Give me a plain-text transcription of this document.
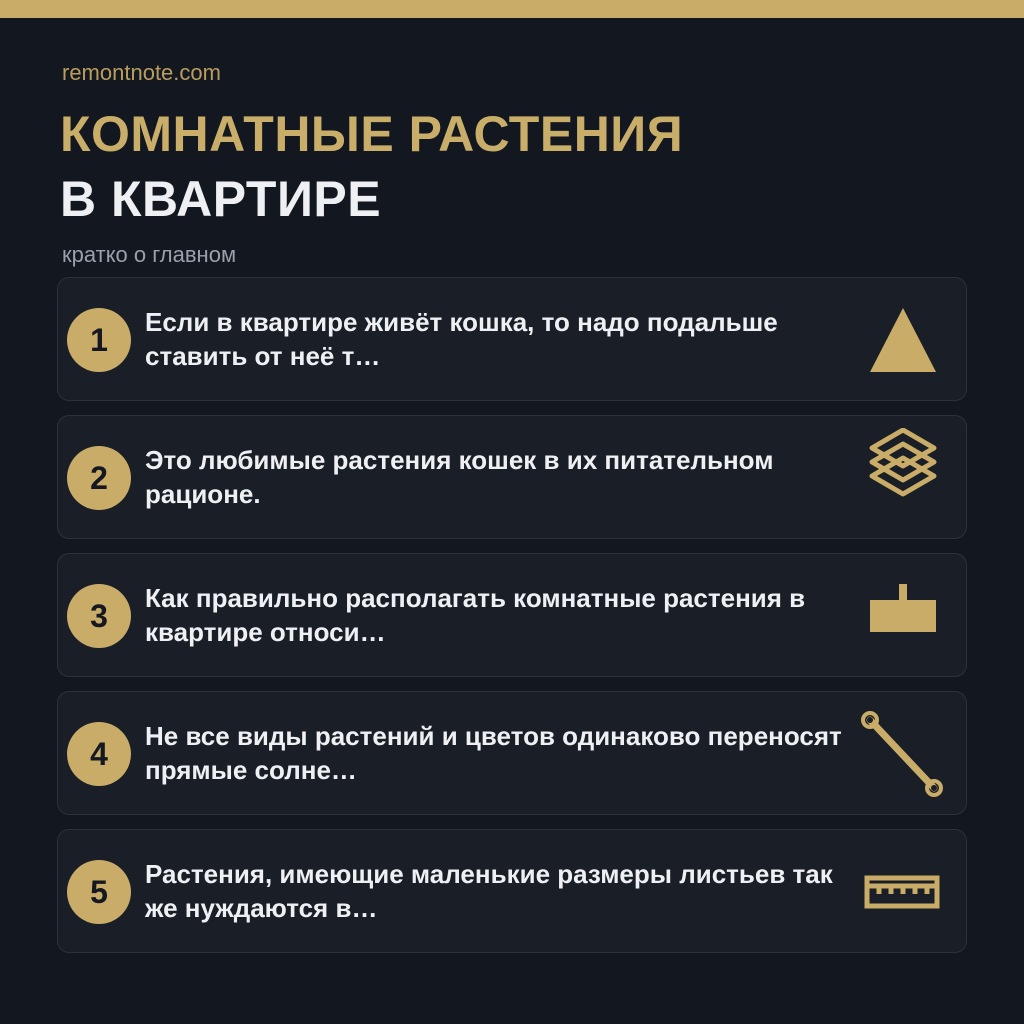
remontnote.com
КОМНАТНЫЕ РАСТЕНИЯ
В КВАРТИРЕ
кратко о главном
1	Если в квартире живёт кошка, то надо подальше ставить от неё т…
2	Это любимые растения кошек в их питательном рационе.
3	Как правильно располагать комнатные растения в квартире относи…
4	Не все виды растений и цветов одинаково переносят прямые солне…
5	Растения, имеющие маленькие размеры листьев так же нуждаются в…
